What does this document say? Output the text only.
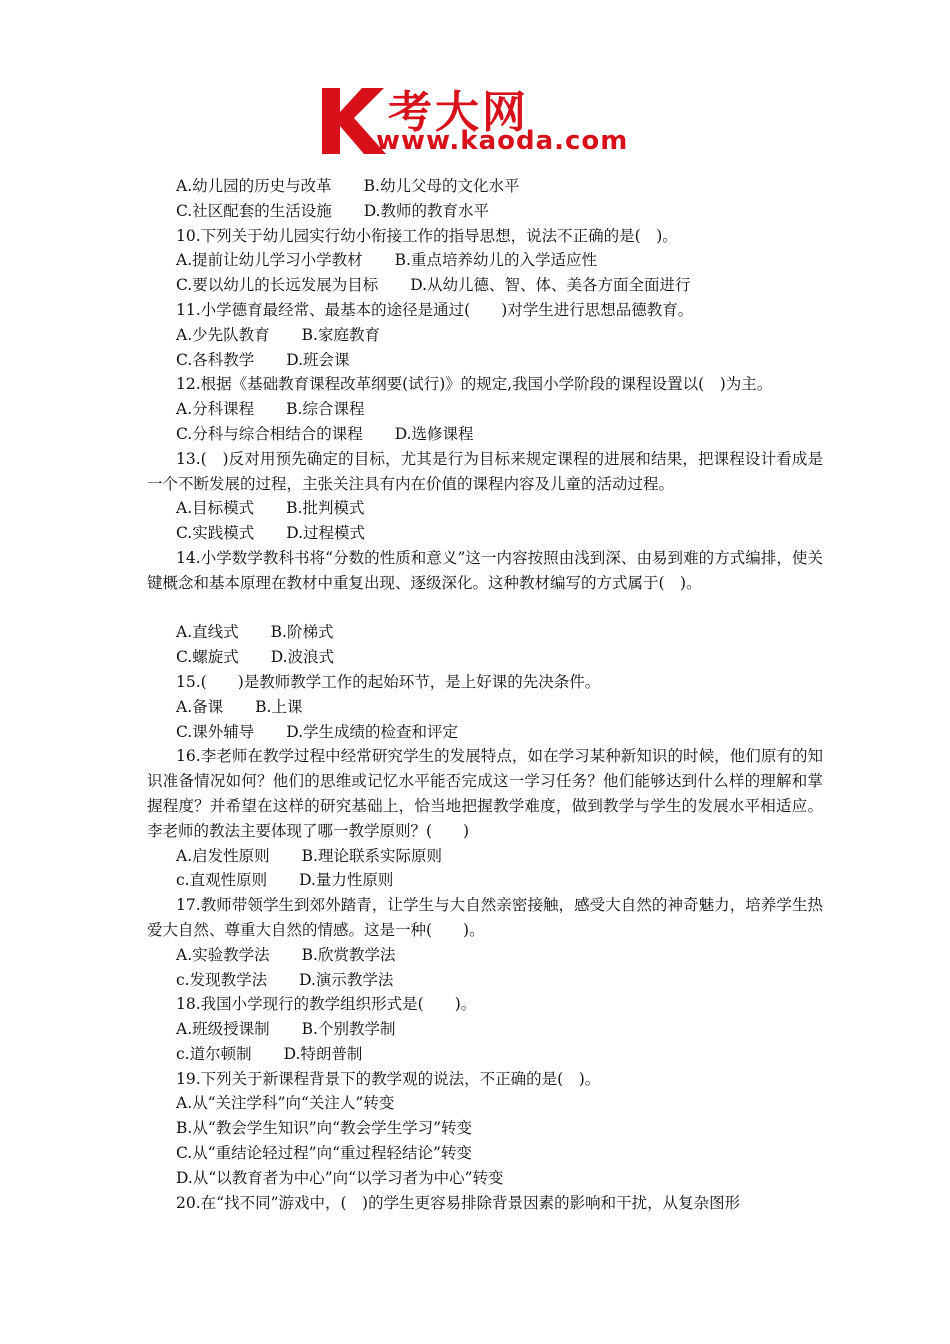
考大网
www.kaoda.com
A.幼儿园的历史与改革 B.幼儿父母的文化水平
C.社区配套的生活设施 D.教师的教育水平
10.下列关于幼儿园实行幼小衔接工作的指导思想，说法不正确的是(　)。
A.提前让幼儿学习小学教材 B.重点培养幼儿的入学适应性
C.要以幼儿的长远发展为目标 D.从幼儿德、智、体、美各方面全面进行
11.小学德育最经常、最基本的途径是通过(　　)对学生进行思想品德教育。
A.少先队教育 B.家庭教育
C.各科教学 D.班会课
12.根据《基础教育课程改革纲要(试行)》的规定,我国小学阶段的课程设置以(　)为主。
A.分科课程 B.综合课程
C.分科与综合相结合的课程 D.选修课程
13.(　)反对用预先确定的目标，尤其是行为目标来规定课程的进展和结果，把课程设计看成是一个不断发展的过程，主张关注具有内在价值的课程内容及儿童的活动过程。
A.目标模式 B.批判模式
C.实践模式 D.过程模式
14.小学数学教科书将“分数的性质和意义”这一内容按照由浅到深、由易到难的方式编排，使关键概念和基本原理在教材中重复出现、逐级深化。这种教材编写的方式属于(　)。
A.直线式 B.阶梯式
C.螺旋式 D.波浪式
15.(　　)是教师教学工作的起始环节，是上好课的先决条件。
A.备课 B.上课
C.课外辅导 D.学生成绩的检查和评定
16.李老师在教学过程中经常研究学生的发展特点，如在学习某种新知识的时候，他们原有的知识准备情况如何？他们的思维或记忆水平能否完成这一学习任务？他们能够达到什么样的理解和掌握程度？并希望在这样的研究基础上，恰当地把握教学难度，做到教学与学生的发展水平相适应。李老师的教法主要体现了哪一教学原则？(　　)
A.启发性原则 B.理论联系实际原则
c.直观性原则 D.量力性原则
17.教师带领学生到郊外踏青，让学生与大自然亲密接触，感受大自然的神奇魅力，培养学生热爱大自然、尊重大自然的情感。这是一种(　　)。
A.实验教学法 B.欣赏教学法
c.发现教学法 D.演示教学法
18.我国小学现行的教学组织形式是(　　)。
A.班级授课制 B.个别教学制
c.道尔顿制 D.特朗普制
19.下列关于新课程背景下的教学观的说法，不正确的是(　)。
A.从“关注学科”向“关注人”转变
B.从“教会学生知识”向“教会学生学习”转变
C.从“重结论轻过程”向“重过程轻结论”转变
D.从“以教育者为中心”向“以学习者为中心”转变
20.在“找不同”游戏中，(　)的学生更容易排除背景因素的影响和干扰，从复杂图形
